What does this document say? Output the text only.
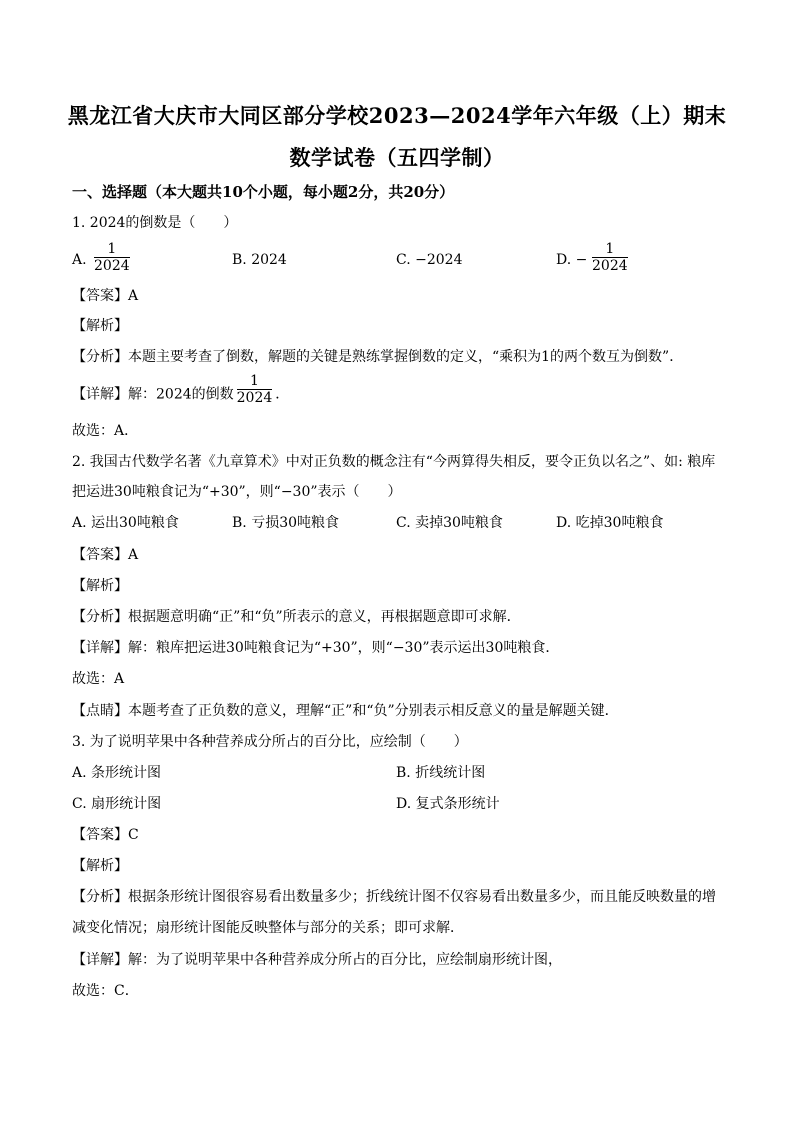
黑龙江省大庆市大同区部分学校2023—2024学年六年级（上）期末
数学试卷（五四学制）
一、选择题（本大题共10个小题，每小题2分，共20分）
1. 2024的倒数是（　　）
A. $\frac{1}{2024}$	B. 2024	C. −2024	D. − $\frac{1}{2024}$
【答案】A
【解析】
【分析】本题主要考查了倒数，解题的关键是熟练掌握倒数的定义，“乘积为1的两个数互为倒数”．
【详解】解：2024的倒数 $\frac{1}{2024}$ ．
故选：A．
2. 我国古代数学名著《九章算术》中对正负数的概念注有“今两算得失相反，要令正负以名之”、如: 粮库
把运进30吨粮食记为“+30”，则“−30”表示（　　）
A. 运出30吨粮食	B. 亏损30吨粮食	C. 卖掉30吨粮食	D. 吃掉30吨粮食
【答案】A
【解析】
【分析】根据题意明确“正”和“负”所表示的意义，再根据题意即可求解．
【详解】解：粮库把运进30吨粮食记为“+30”，则“−30”表示运出30吨粮食．
故选：A
【点睛】本题考查了正负数的意义，理解“正”和“负”分别表示相反意义的量是解题关键．
3. 为了说明苹果中各种营养成分所占的百分比，应绘制（　　）
A. 条形统计图	B. 折线统计图
C. 扇形统计图	D. 复式条形统计
【答案】C
【解析】
【分析】根据条形统计图很容易看出数量多少；折线统计图不仅容易看出数量多少，而且能反映数量的增
减变化情况；扇形统计图能反映整体与部分的关系；即可求解．
【详解】解：为了说明苹果中各种营养成分所占的百分比，应绘制扇形统计图，
故选：C．
